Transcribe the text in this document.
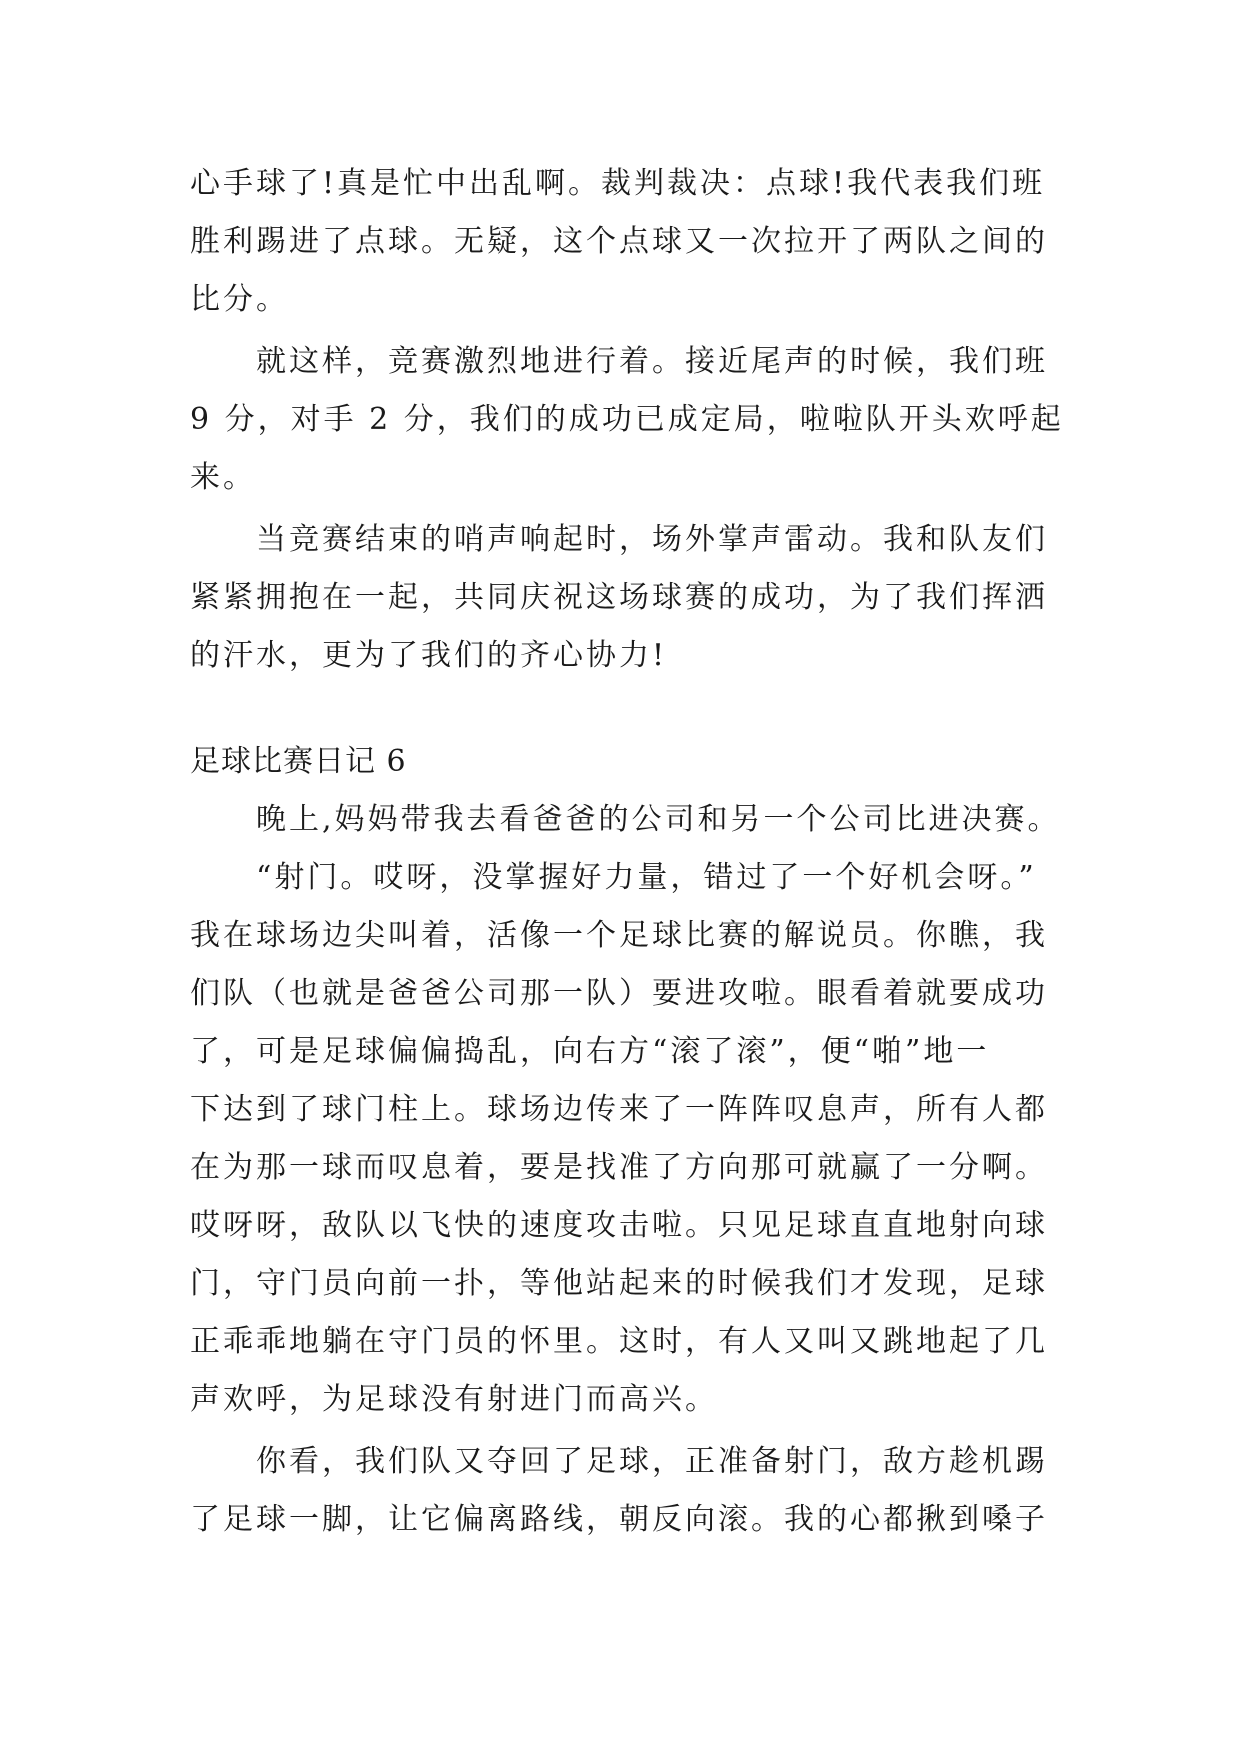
心手球了!真是忙中出乱啊。裁判裁决：点球!我代表我们班
胜利踢进了点球。无疑，这个点球又一次拉开了两队之间的
比分。
　　就这样，竞赛激烈地进行着。接近尾声的时候，我们班
9 分，对手 2 分，我们的成功已成定局，啦啦队开头欢呼起
来。
　　当竞赛结束的哨声响起时，场外掌声雷动。我和队友们
紧紧拥抱在一起，共同庆祝这场球赛的成功，为了我们挥洒
的汗水，更为了我们的齐心协力!
足球比赛日记 6
　　晚上,妈妈带我去看爸爸的公司和另一个公司比进决赛。
　　“射门。哎呀，没掌握好力量，错过了一个好机会呀。”
我在球场边尖叫着，活像一个足球比赛的解说员。你瞧，我
们队（也就是爸爸公司那一队）要进攻啦。眼看着就要成功
了，可是足球偏偏捣乱，向右方“滚了滚”，便“啪”地一
下达到了球门柱上。球场边传来了一阵阵叹息声，所有人都
在为那一球而叹息着，要是找准了方向那可就赢了一分啊。
哎呀呀，敌队以飞快的速度攻击啦。只见足球直直地射向球
门，守门员向前一扑，等他站起来的时候我们才发现，足球
正乖乖地躺在守门员的怀里。这时，有人又叫又跳地起了几
声欢呼，为足球没有射进门而高兴。
　　你看，我们队又夺回了足球，正准备射门，敌方趁机踢
了足球一脚，让它偏离路线，朝反向滚。我的心都揪到嗓子
